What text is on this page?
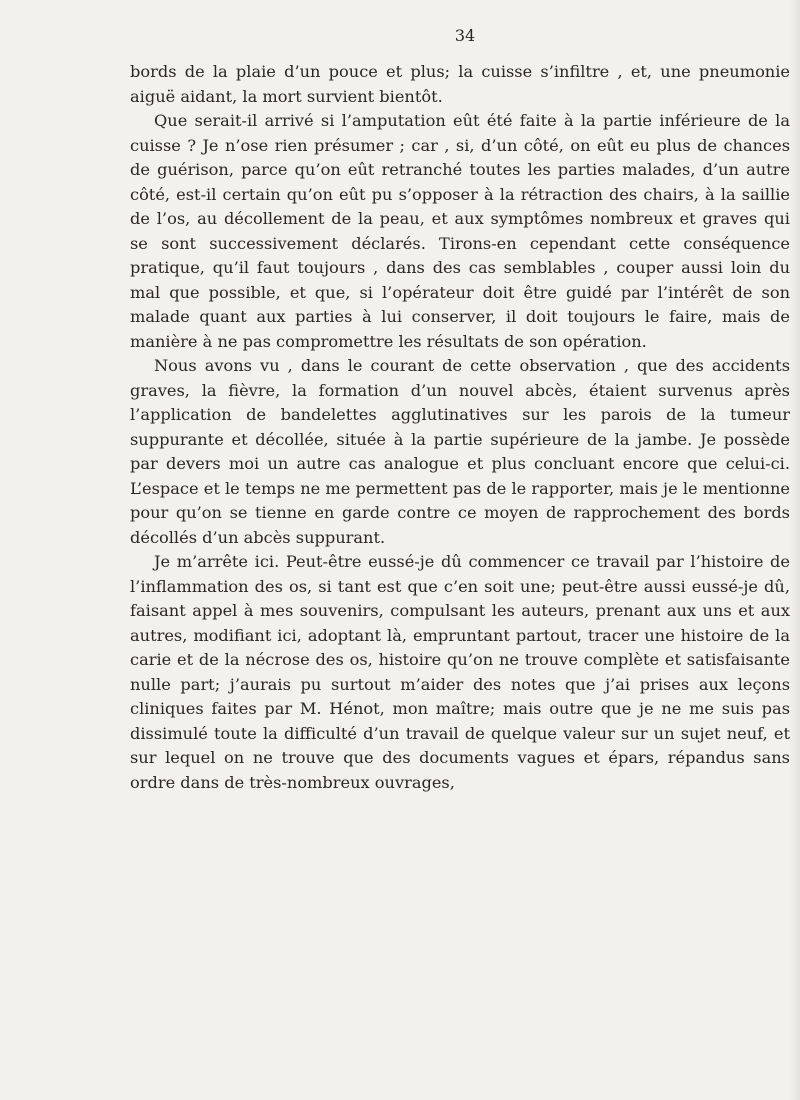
34

bords de la plaie d’un pouce et plus; la cuisse s’infiltre , et, une pneumonie aiguë aidant, la mort survient bientôt.

Que serait-il arrivé si l’amputation eût été faite à la partie inférieure de la cuisse ? Je n’ose rien présumer ; car , si, d’un côté, on eût eu plus de chances de guérison, parce qu’on eût retranché toutes les parties malades, d’un autre côté, est-il certain qu’on eût pu s’opposer à la rétraction des chairs, à la saillie de l’os, au décollement de la peau, et aux symptômes nombreux et graves qui se sont successivement déclarés. Tirons-en cependant cette conséquence pratique, qu’il faut toujours , dans des cas semblables , couper aussi loin du mal que possible, et que, si l’opérateur doit être guidé par l’intérêt de son malade quant aux parties à lui conserver, il doit toujours le faire, mais de manière à ne pas compromettre les résultats de son opération.

Nous avons vu , dans le courant de cette observation , que des accidents graves, la fièvre, la formation d’un nouvel abcès, étaient survenus après l’application de bandelettes agglutinatives sur les parois de la tumeur suppurante et décollée, située à la partie supérieure de la jambe. Je possède par devers moi un autre cas analogue et plus concluant encore que celui-ci. L’espace et le temps ne me permettent pas de le rapporter, mais je le mentionne pour qu’on se tienne en garde contre ce moyen de rapprochement des bords décollés d’un abcès suppurant.

Je m’arrête ici. Peut-être eussé-je dû commencer ce travail par l’histoire de l’inflammation des os, si tant est que c’en soit une; peut-être aussi eussé-je dû, faisant appel à mes souvenirs, compulsant les auteurs, prenant aux uns et aux autres, modifiant ici, adoptant là, empruntant partout, tracer une histoire de la carie et de la nécrose des os, histoire qu’on ne trouve complète et satisfaisante nulle part; j’aurais pu surtout m’aider des notes que j’ai prises aux leçons cliniques faites par M. Hénot, mon maître; mais outre que je ne me suis pas dissimulé toute la difficulté d’un travail de quelque valeur sur un sujet neuf, et sur lequel on ne trouve que des documents vagues et épars, répandus sans ordre dans de très-nombreux ouvrages,
